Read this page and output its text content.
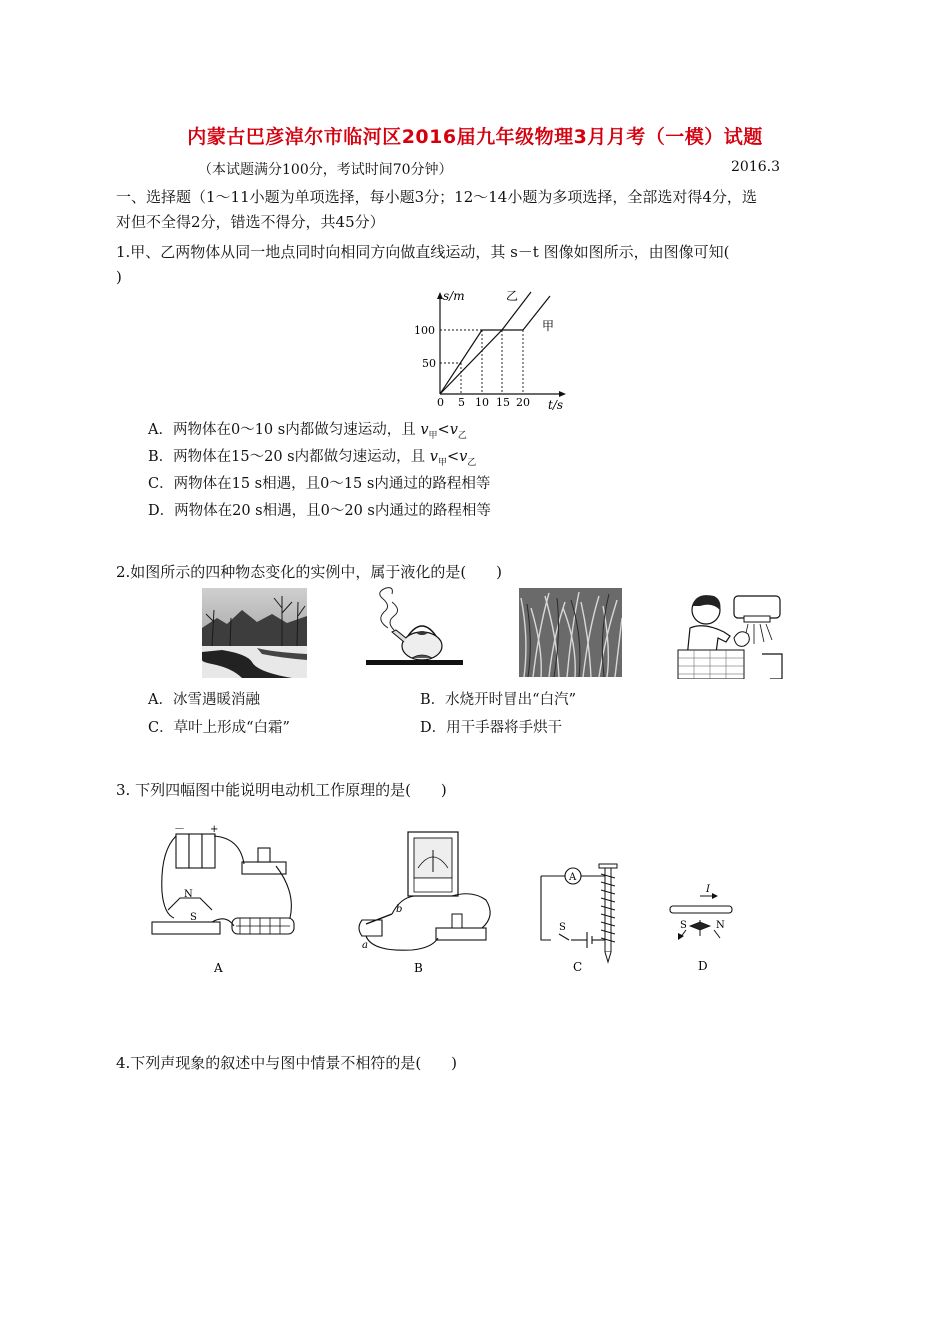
内蒙古巴彦淖尔市临河区2016届九年级物理3月月考（一模）试题
（本试题满分100分，考试时间70分钟）	2016.3
一、选择题（1～11小题为单项选择，每小题3分；12～14小题为多项选择，全部选对得4分，选
对但不全得2分，错选不得分，共45分）
1.甲、乙两物体从同一地点同时向相同方向做直线运动，其 s－t 图像如图所示，由图像可知(
)
s/m
t/s
100
50
0 5 10 15 20
乙
甲
A．两物体在0～10 s内都做匀速运动，且 $v_甲<v_乙$
B．两物体在15～20 s内都做匀速运动，且 $v_甲<v_乙$
C．两物体在15 s相遇，且0～15 s内通过的路程相等
D．两物体在20 s相遇，且0～20 s内通过的路程相等
2.如图所示的四种物态变化的实例中，属于液化的是(　　)
A．冰雪遇暖消融	B．水烧开时冒出“白汽”
C．草叶上形成“白霜”	D．用干手器将手烘干
3. 下列四幅图中能说明电动机工作原理的是(　　)
－	+
N
S
A
b
a
B
A
S
C
I
S	N
D
4.下列声现象的叙述中与图中情景不相符的是(　　)
